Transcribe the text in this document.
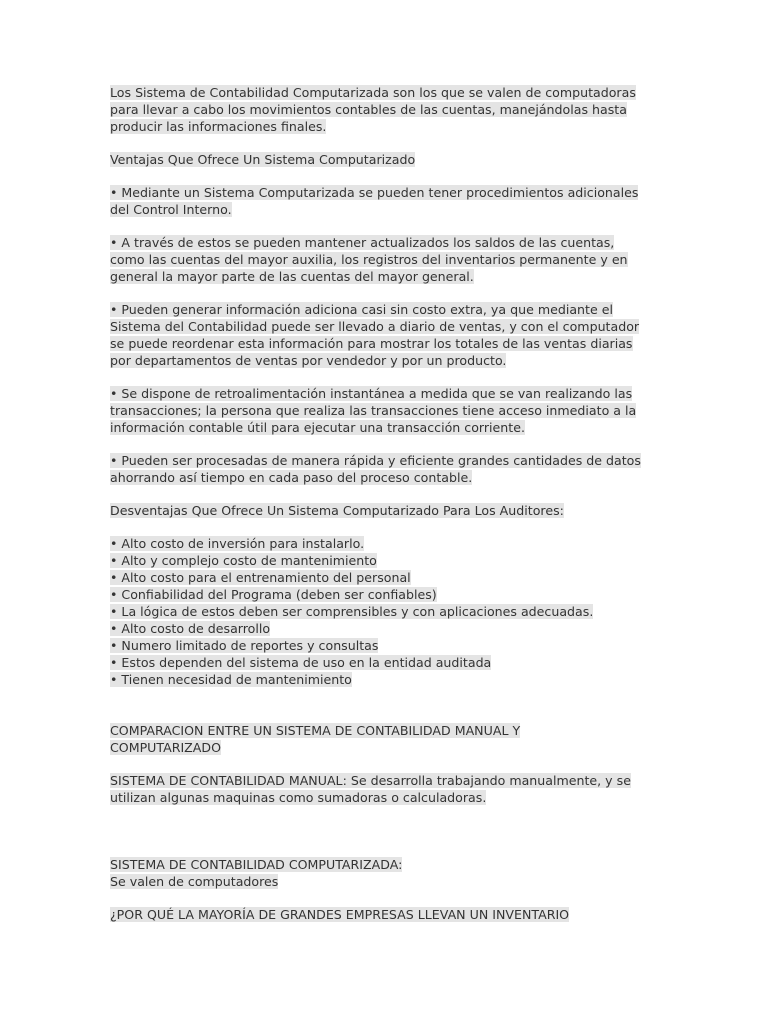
Los Sistema de Contabilidad Computarizada son los que se valen de computadoras
para llevar a cabo los movimientos contables de las cuentas, manejándolas hasta
producir las informaciones finales.

Ventajas Que Ofrece Un Sistema Computarizado

• Mediante un Sistema Computarizada se pueden tener procedimientos adicionales
del Control Interno.

• A través de estos se pueden mantener actualizados los saldos de las cuentas,
como las cuentas del mayor auxilia, los registros del inventarios permanente y en
general la mayor parte de las cuentas del mayor general.

• Pueden generar información adiciona casi sin costo extra, ya que mediante el
Sistema del Contabilidad puede ser llevado a diario de ventas, y con el computador
se puede reordenar esta información para mostrar los totales de las ventas diarias
por departamentos de ventas por vendedor y por un producto.

• Se dispone de retroalimentación instantánea a medida que se van realizando las
transacciones; la persona que realiza las transacciones tiene acceso inmediato a la
información contable útil para ejecutar una transacción corriente.

• Pueden ser procesadas de manera rápida y eficiente grandes cantidades de datos
ahorrando así tiempo en cada paso del proceso contable.

Desventajas Que Ofrece Un Sistema Computarizado Para Los Auditores:

• Alto costo de inversión para instalarlo.
• Alto y complejo costo de mantenimiento
• Alto costo para el entrenamiento del personal
• Confiabilidad del Programa (deben ser confiables)
• La lógica de estos deben ser comprensibles y con aplicaciones adecuadas.
• Alto costo de desarrollo
• Numero limitado de reportes y consultas
• Estos dependen del sistema de uso en la entidad auditada
• Tienen necesidad de mantenimiento

COMPARACION ENTRE UN SISTEMA DE CONTABILIDAD MANUAL Y
COMPUTARIZADO

SISTEMA DE CONTABILIDAD MANUAL: Se desarrolla trabajando manualmente, y se
utilizan algunas maquinas como sumadoras o calculadoras.

SISTEMA DE CONTABILIDAD COMPUTARIZADA:
Se valen de computadores

¿POR QUÉ LA MAYORÍA DE GRANDES EMPRESAS LLEVAN UN INVENTARIO
